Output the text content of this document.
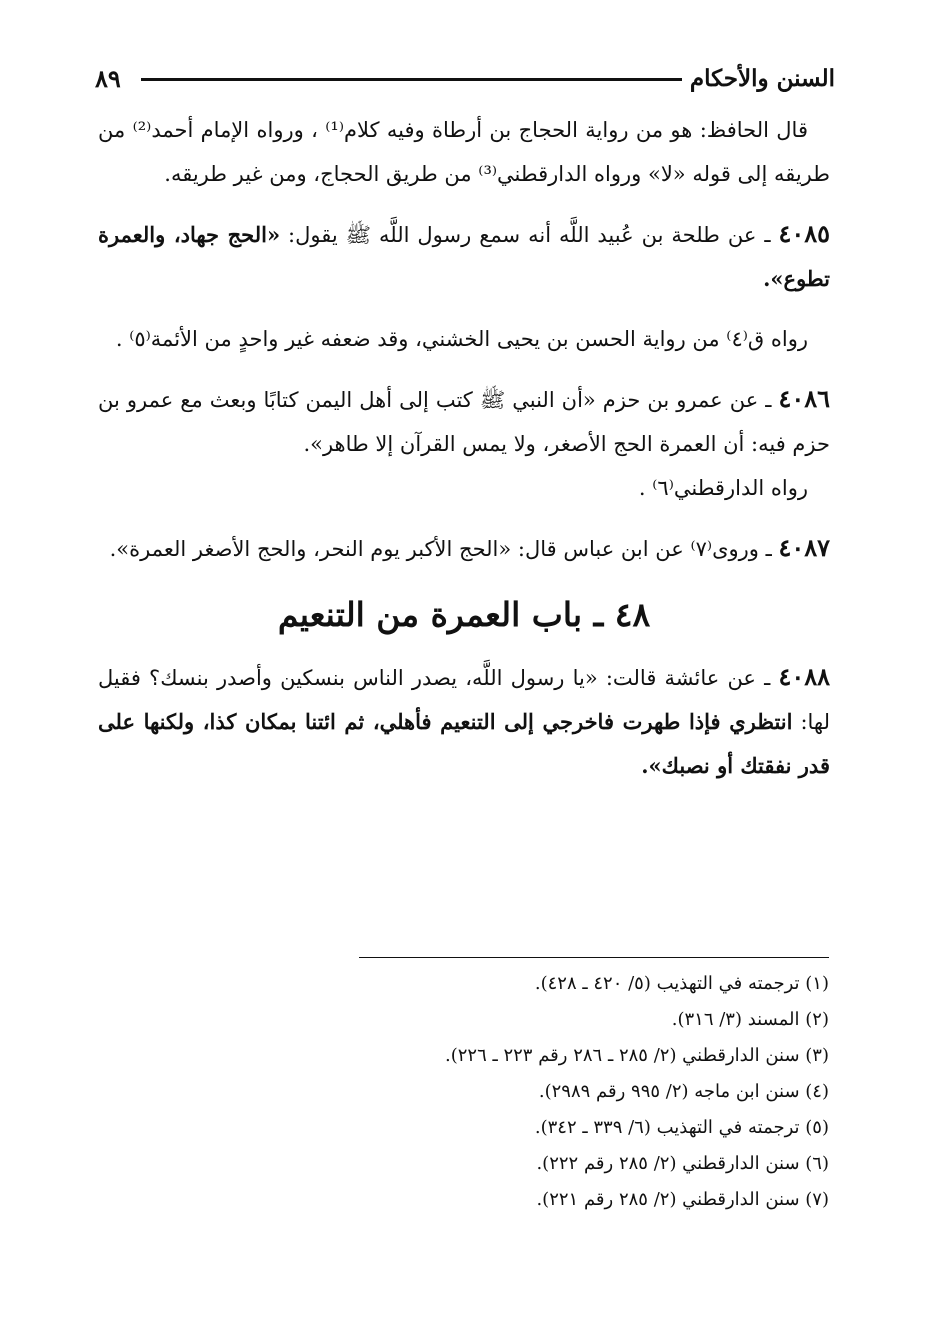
السنن والأحكام
٨٩

قال الحافظ: هو من رواية الحجاج بن أرطاة وفيه كلام⁽¹⁾ ، ورواه الإمام أحمد⁽²⁾ من طريقه إلى قوله «لا» ورواه الدارقطني⁽³⁾ من طريق الحجاج، ومن غير طريقه.

٤٠٨٥ ـ عن طلحة بن عُبيد اللَّه أنه سمع رسول اللَّه ﷺ يقول: «الحج جهاد، والعمرة تطوع».

رواه ق⁽٤⁾ من رواية الحسن بن يحيى الخشني، وقد ضعفه غير واحدٍ من الأئمة⁽٥⁾ .

٤٠٨٦ ـ عن عمرو بن حزم «أن النبي ﷺ كتب إلى أهل اليمن كتابًا وبعث مع عمرو بن حزم فيه: أن العمرة الحج الأصغر، ولا يمس القرآن إلا طاهر».

رواه الدارقطني⁽٦⁾ .

٤٠٨٧ ـ وروى⁽٧⁾ عن ابن عباس قال: «الحج الأكبر يوم النحر، والحج الأصغر العمرة».

٤٨ ـ باب العمرة من التنعيم

٤٠٨٨ ـ عن عائشة قالت: «يا رسول اللَّه، يصدر الناس بنسكين وأصدر بنسك؟ فقيل لها: انتظري فإذا طهرت فاخرجي إلى التنعيم فأهلي، ثم ائتنا بمكان كذا، ولكنها على قدر نفقتك أو نصبك».

(١) ترجمته في التهذيب (٥/ ٤٢٠ ـ ٤٢٨).
(٢) المسند (٣/ ٣١٦).
(٣) سنن الدارقطني (٢/ ٢٨٥ ـ ٢٨٦ رقم ٢٢٣ ـ ٢٢٦).
(٤) سنن ابن ماجه (٢/ ٩٩٥ رقم ٢٩٨٩).
(٥) ترجمته في التهذيب (٦/ ٣٣٩ ـ ٣٤٢).
(٦) سنن الدارقطني (٢/ ٢٨٥ رقم ٢٢٢).
(٧) سنن الدارقطني (٢/ ٢٨٥ رقم ٢٢١).
